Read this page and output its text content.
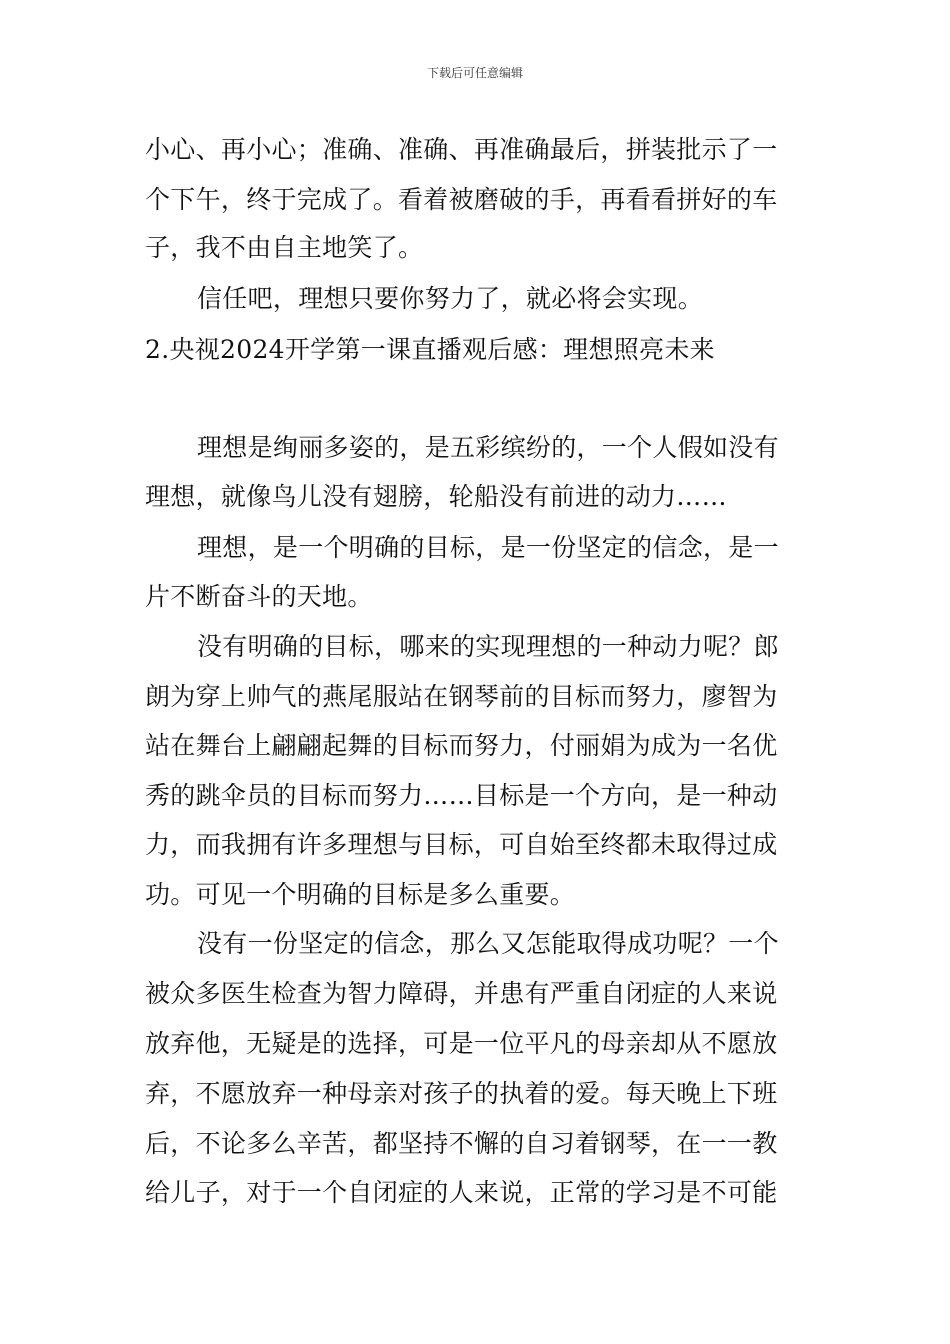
下载后可任意编辑
小心、再小心；准确、准确、再准确最后，拼装批示了一
个下午，终于完成了。看着被磨破的手，再看看拼好的车
子，我不由自主地笑了。
信任吧，理想只要你努力了，就必将会实现。
2.央视2024开学第一课直播观后感：理想照亮未来
理想是绚丽多姿的，是五彩缤纷的，一个人假如没有
理想，就像鸟儿没有翅膀，轮船没有前进的动力……
理想，是一个明确的目标，是一份坚定的信念，是一
片不断奋斗的天地。
没有明确的目标，哪来的实现理想的一种动力呢？郎
朗为穿上帅气的燕尾服站在钢琴前的目标而努力，廖智为
站在舞台上翩翩起舞的目标而努力，付丽娟为成为一名优
秀的跳伞员的目标而努力……目标是一个方向，是一种动
力，而我拥有许多理想与目标，可自始至终都未取得过成
功。可见一个明确的目标是多么重要。
没有一份坚定的信念，那么又怎能取得成功呢？一个
被众多医生检查为智力障碍，并患有严重自闭症的人来说
放弃他，无疑是的选择，可是一位平凡的母亲却从不愿放
弃，不愿放弃一种母亲对孩子的执着的爱。每天晚上下班
后，不论多么辛苦，都坚持不懈的自习着钢琴，在一一教
给儿子，对于一个自闭症的人来说，正常的学习是不可能
